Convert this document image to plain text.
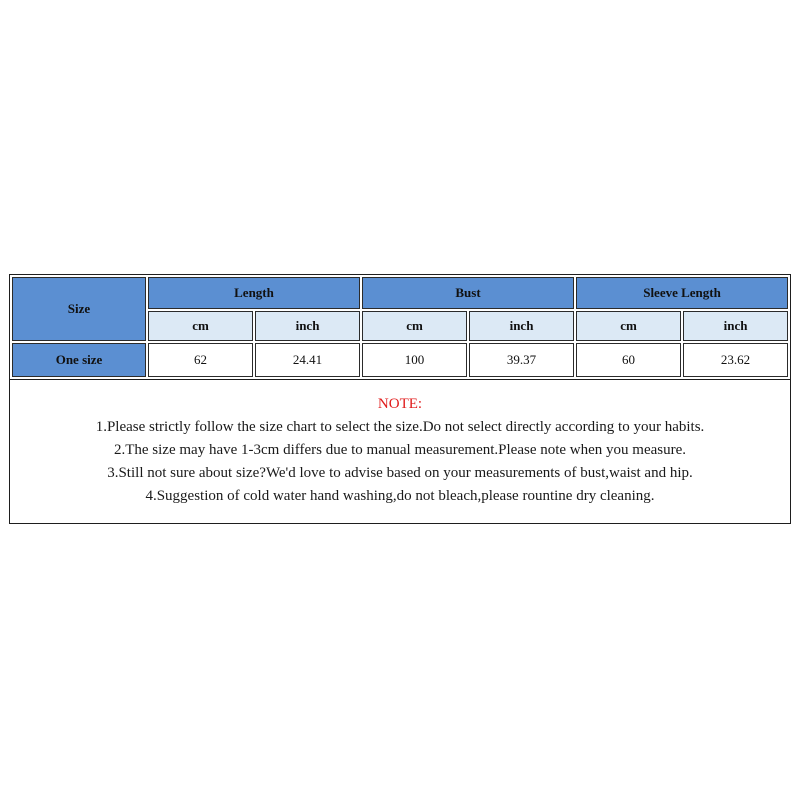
Size	Length		Bust		Sleeve Length	
	cm	inch	cm	inch	cm	inch
One size	62	24.41	100	39.37	60	23.62
NOTE:
1.Please strictly follow the size chart to select the size.Do not select directly according to your habits.
2.The size may have 1-3cm differs due to manual measurement.Please note when you measure.
3.Still not sure about size?We'd love to advise based on your measurements of bust,waist and hip.
4.Suggestion of cold water hand washing,do not bleach,please rountine dry cleaning.
